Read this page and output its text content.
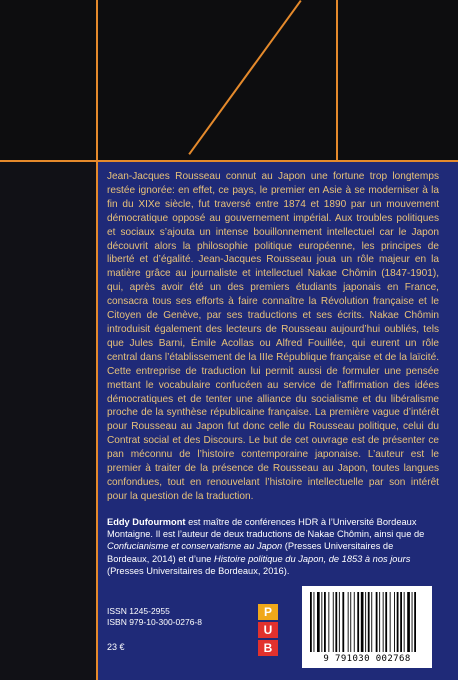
Jean-Jacques Rousseau connut au Japon une fortune trop longtemps restée ignorée: en effet, ce pays, le premier en Asie à se moderniser à la fin du XIXe siècle, fut traversé entre 1874 et 1890 par un mouvement démocratique opposé au gouvernement impérial. Aux troubles politiques et sociaux s’ajouta un intense bouillonnement intellectuel car le Japon découvrit alors la philosophie politique européenne, les principes de liberté et d’égalité. Jean-Jacques Rousseau joua un rôle majeur en la matière grâce au journaliste et intellectuel Nakae Chômin (1847-1901), qui, après avoir été un des premiers étudiants japonais en France, consacra tous ses efforts à faire connaître la Révolution française et le Citoyen de Genève, par ses traductions et ses écrits. Nakae Chômin introduisit également des lecteurs de Rousseau aujourd’hui oubliés, tels que Jules Barni, Émile Acollas ou Alfred Fouillée, qui eurent un rôle central dans l’établissement de la IIIe République française et de la laïcité. Cette entreprise de traduction lui permit aussi de formuler une pensée mettant le vocabulaire confucéen au service de l’affirmation des idées démocratiques et de tenter une alliance du socialisme et du libéralisme proche de la synthèse républicaine française. La première vague d’intérêt pour Rousseau au Japon fut donc celle du Rousseau politique, celui du Contrat social et des Discours. Le but de cet ouvrage est de présenter ce pan méconnu de l’histoire contemporaine japonaise. L’auteur est le premier à traiter de la présence de Rousseau au Japon, toutes langues confondues, tout en renouvelant l’histoire intellectuelle par son intérêt pour la question de la traduction.

Eddy Dufourmont est maître de conférences HDR à l’Université Bordeaux Montaigne. Il est l’auteur de deux traductions de Nakae Chômin, ainsi que de Confucianisme et conservatisme au Japon (Presses Universitaires de Bordeaux, 2014) et d’une Histoire politique du Japon, de 1853 à nos jours (Presses Universitaires de Bordeaux, 2016).
ISSN 1245-2955
ISBN 979-10-300-0276-8
23 €
P
U
B
9 791030 002768
